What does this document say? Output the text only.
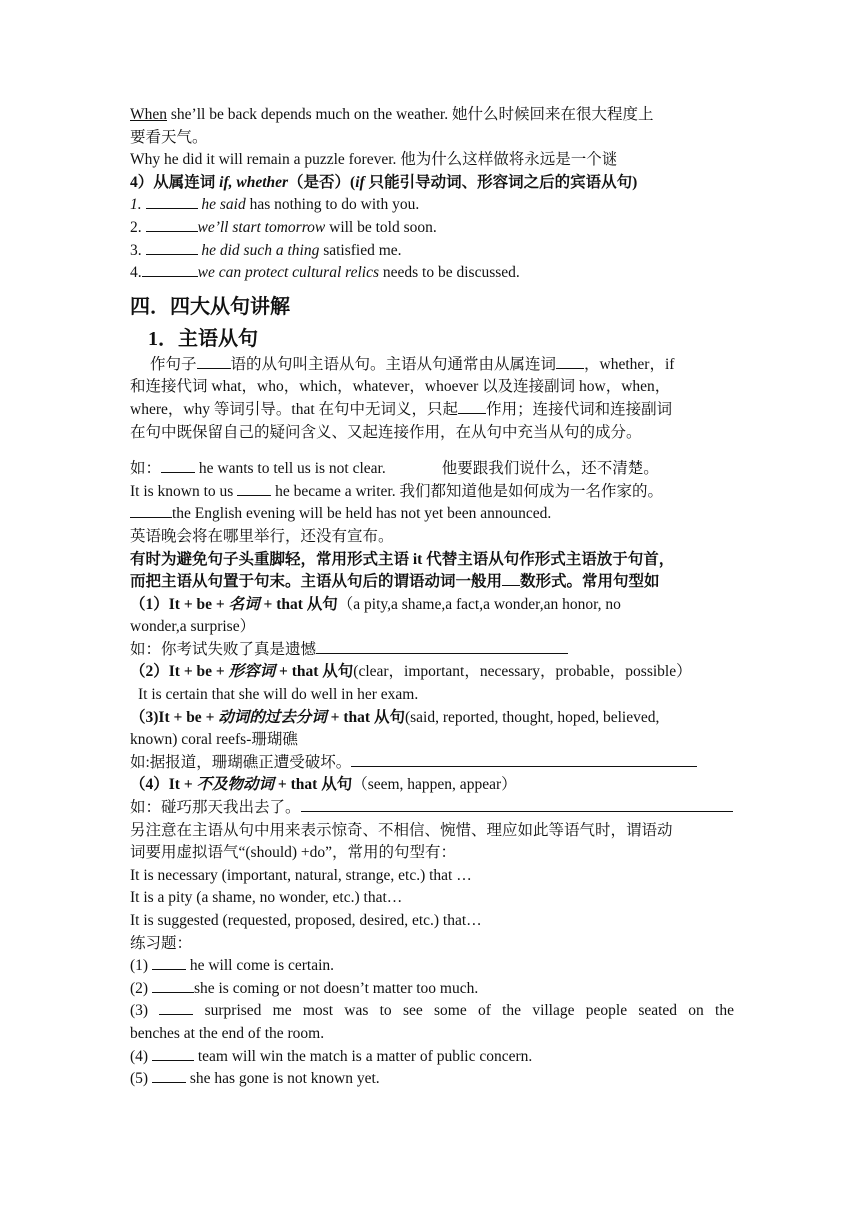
When she’ll be back depends much on the weather. 她什么时候回来在很大程度上
要看天气。
Why he did it will remain a puzzle forever. 他为什么这样做将永远是一个谜
4）从属连词 if, whether（是否）(if 只能引导动词、形容词之后的宾语从句)
1.	he said has nothing to do with you.
2.	we’ll start tomorrow will be told soon.
3.	he did such a thing satisfied me.
4.	we can protect cultural relics needs to be discussed.
四．四大从句讲解
1．主语从句
作句子 语的从句叫主语从句。主语从句通常由从属连词 ，whether，if
和连接代词 what，who，which，whatever，whoever 以及连接副词 how，when，
where，why 等词引导。that 在句中无词义，只起 作用；连接代词和连接副词
在句中既保留自己的疑问含义、又起连接作用，在从句中充当从句的成分。
如： he wants to tell us is not clear.	他要跟我们说什么，还不清楚。
It is known to us  he became a writer. 我们都知道他是如何成为一名作家的。
the English evening will be held has not yet been announced.
英语晚会将在哪里举行，还没有宣布。
有时为避免句子头重脚轻，常用形式主语 it 代替主语从句作形式主语放于句首，
而把主语从句置于句末。主语从句后的谓语动词一般用 数形式。常用句型如
（1）It + be + 名词 + that 从句（a pity,a shame,a fact,a wonder,an honor, no
wonder,a surprise）
如：你考试失败了真是遗憾
（2）It + be + 形容词 + that 从句(clear，important，necessary，probable，possible）
It is certain that she will do well in her exam.
（3)It + be + 动词的过去分词 + that 从句(said, reported, thought, hoped, believed,
known) coral reefs-珊瑚礁
如:据报道，珊瑚礁正遭受破坏。
（4）It + 不及物动词 + that 从句（seem, happen, appear）
如：碰巧那天我出去了。
另注意在主语从句中用来表示惊奇、不相信、惋惜、理应如此等语气时，谓语动
词要用虚拟语气“(should) +do”，常用的句型有：
It is necessary (important, natural, strange, etc.) that …
It is a pity (a shame, no wonder, etc.) that…
It is suggested (requested, proposed, desired, etc.) that…
练习题：
(1)  he will come is certain.
(2)	she is coming or not doesn’t matter too much.
(3)  surprised me most was to see some of the village people seated on the
benches at the end of the room.
(4)	team will win the match is a matter of public concern.
(5)  she has gone is not known yet.
